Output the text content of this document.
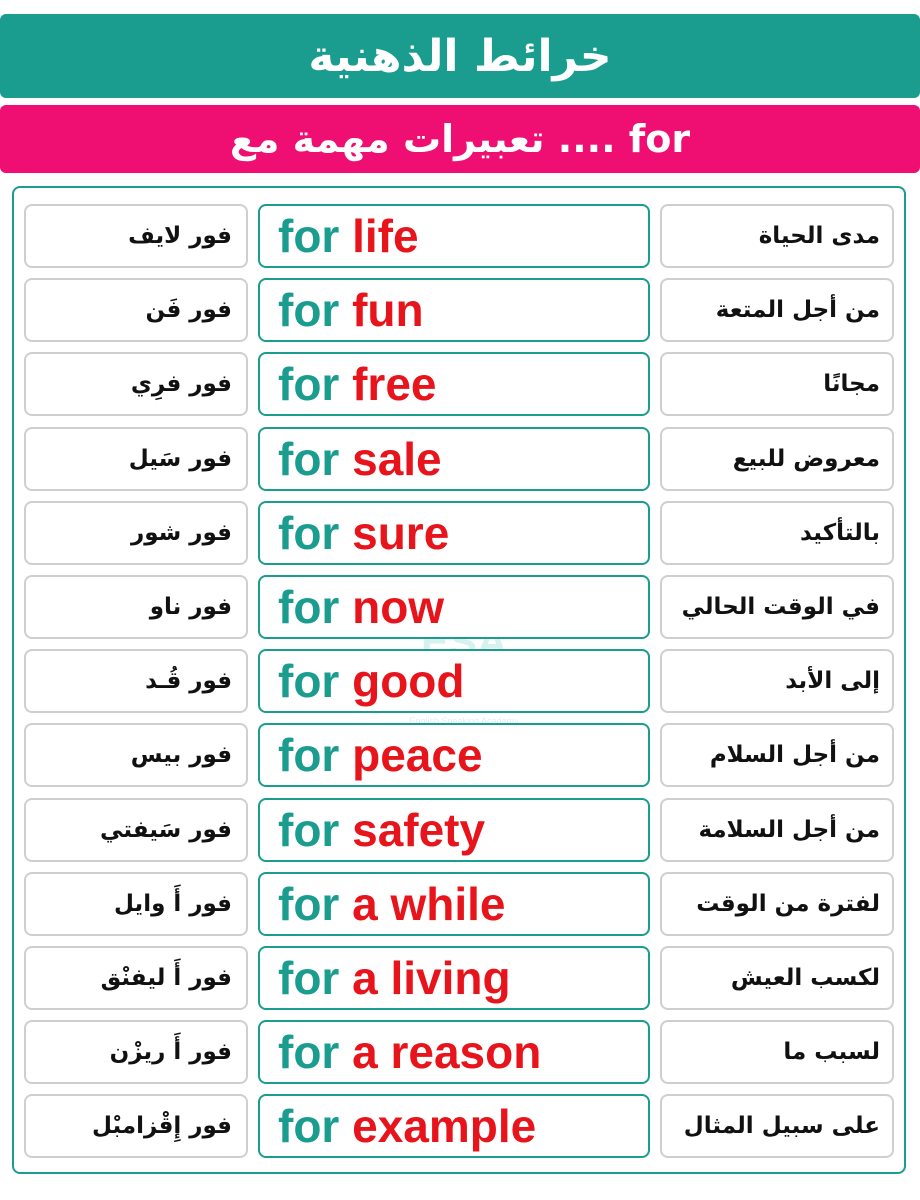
خرائط الذهنية
تعبيرات مهمة مع .... for
ESA
English Speaking Academy
فور لايف for life	مدى الحياة
فور فَن for fun	من أجل المتعة
فور فرِي for free	مجانًا
فور سَيل for sale	معروض للبيع
فور شور for sure	بالتأكيد
فور ناو for now	في الوقت الحالي
فور قُـد for good	إلى الأبد
فور بيس for peace	من أجل السلام
فور سَيفتي for safety	من أجل السلامة
فور أَ وايل for a while	لفترة من الوقت
فور أَ ليفنْق for a living	لكسب العيش
فور أَ ريزْن for a reason	لسبب ما
فور إِقْزامبْل for example	على سبيل المثال
